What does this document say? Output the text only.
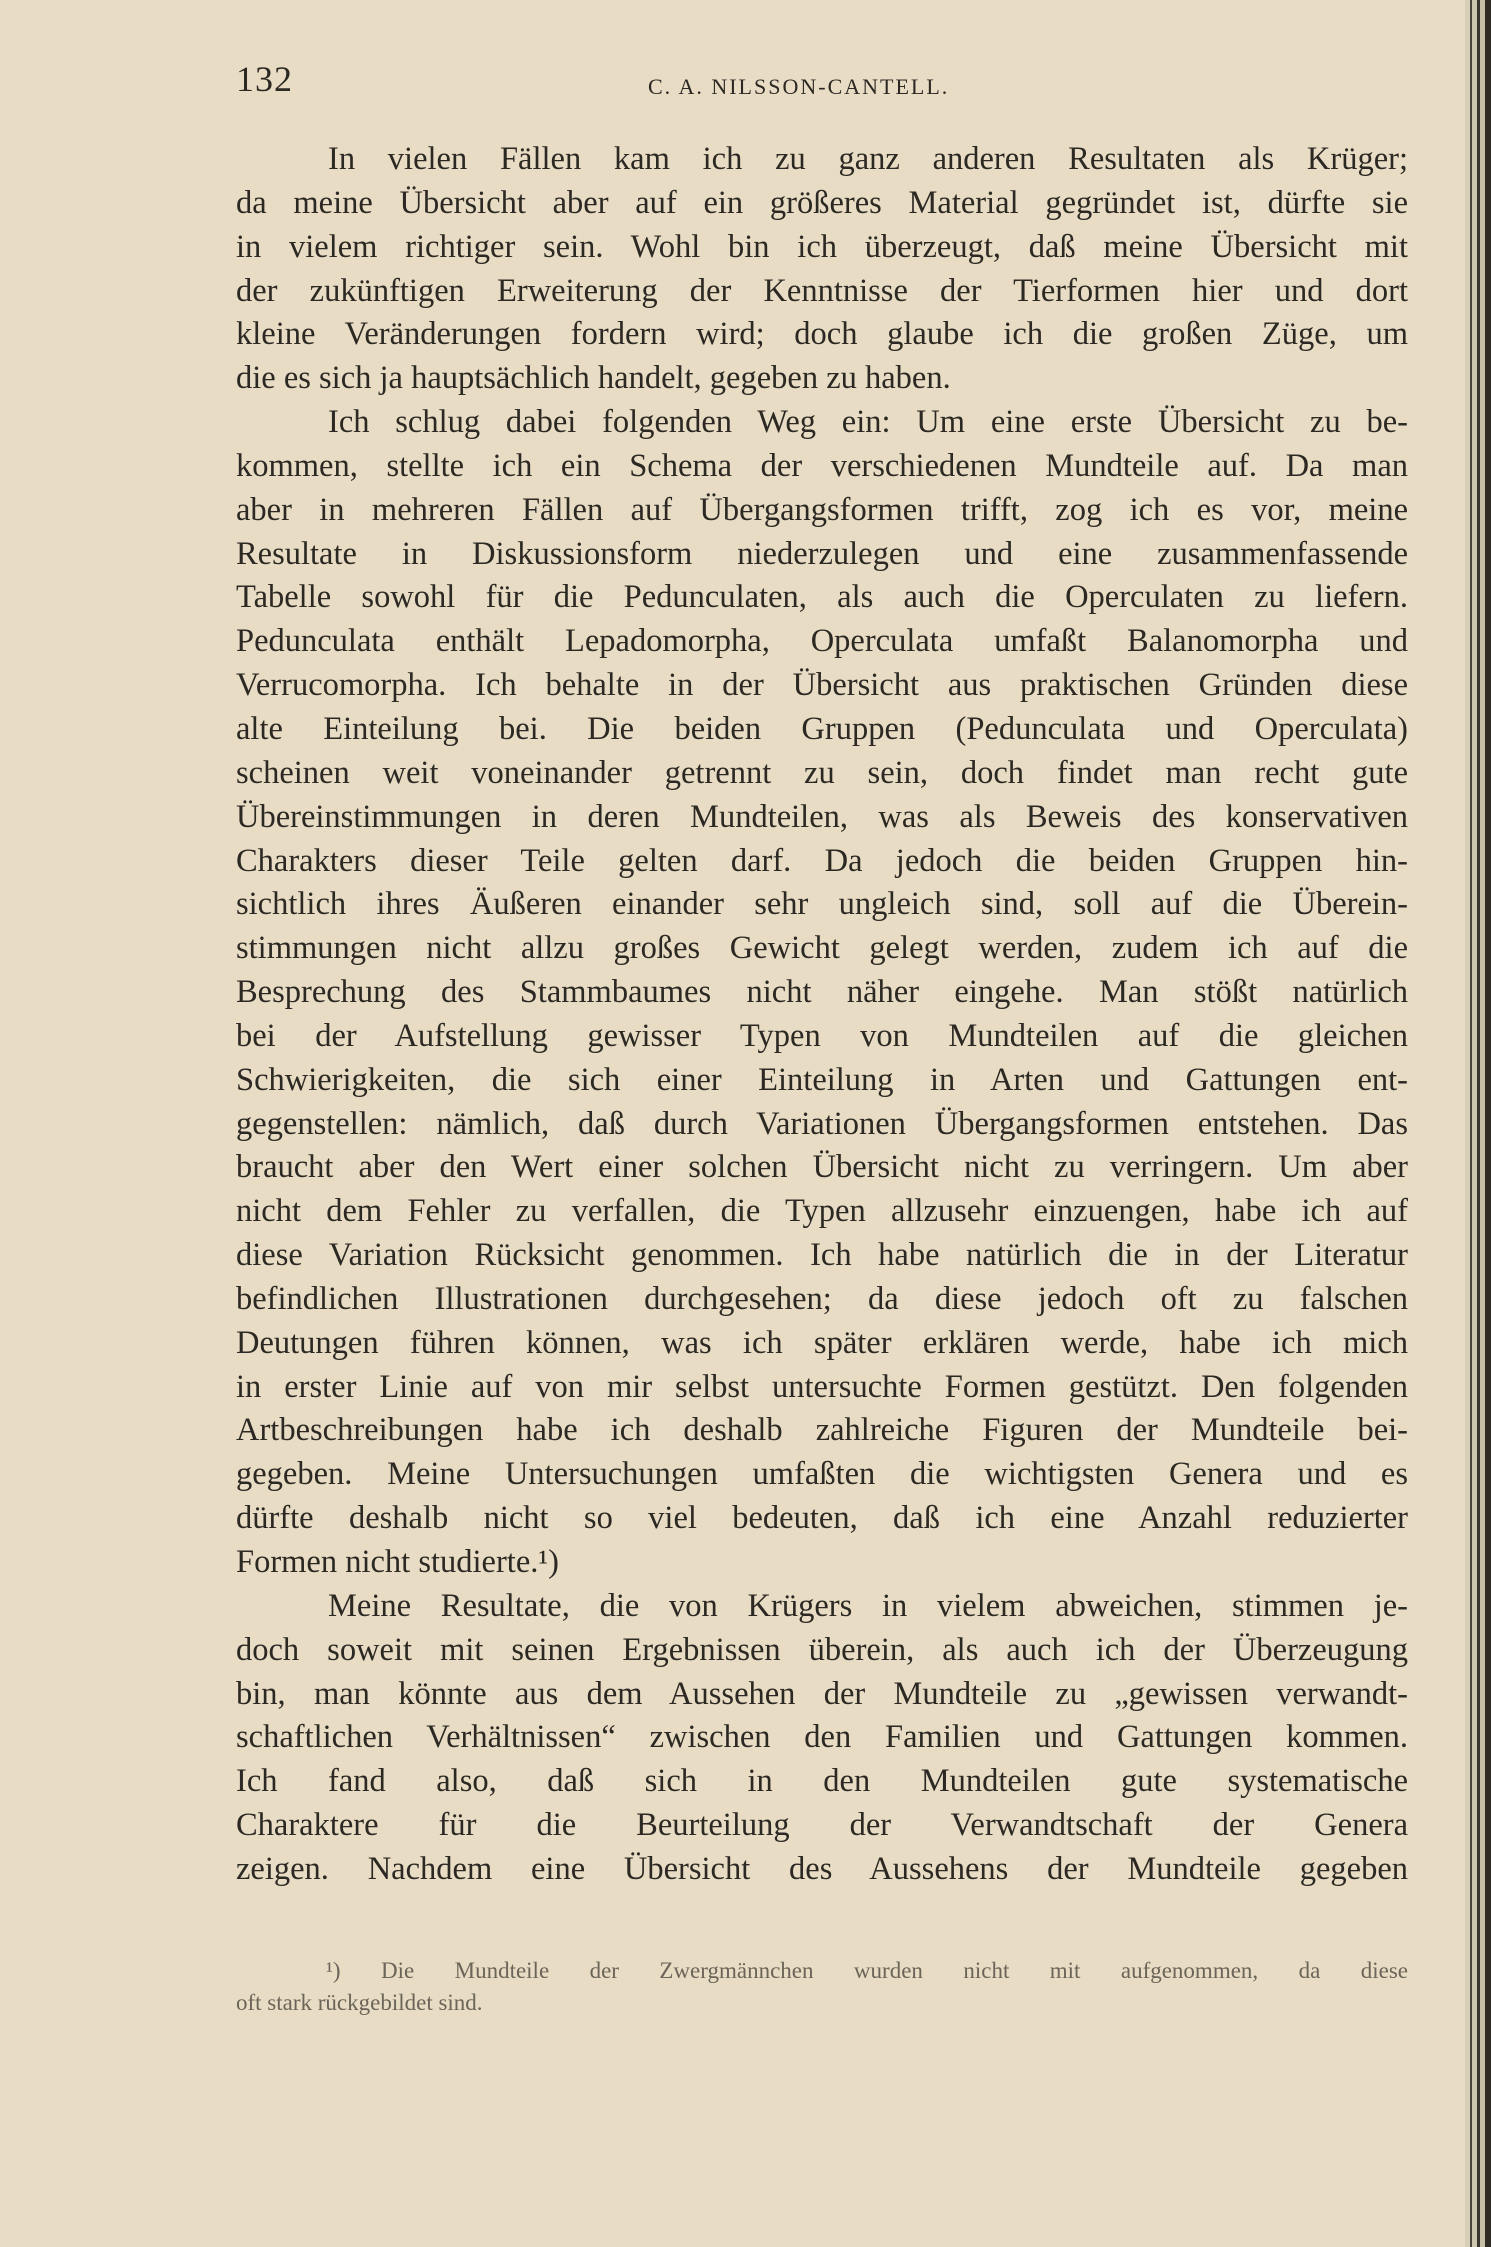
132	C. A. NILSSON-CANTELL.
In vielen Fällen kam ich zu ganz anderen Resultaten als Krüger;
da meine Übersicht aber auf ein größeres Material gegründet ist, dürfte sie
in vielem richtiger sein. Wohl bin ich überzeugt, daß meine Übersicht mit
der zukünftigen Erweiterung der Kenntnisse der Tierformen hier und dort
kleine Veränderungen fordern wird; doch glaube ich die großen Züge, um
die es sich ja hauptsächlich handelt, gegeben zu haben.
Ich schlug dabei folgenden Weg ein: Um eine erste Übersicht zu be-
kommen, stellte ich ein Schema der verschiedenen Mundteile auf. Da man
aber in mehreren Fällen auf Übergangsformen trifft, zog ich es vor, meine
Resultate in Diskussionsform niederzulegen und eine zusammenfassende
Tabelle sowohl für die Pedunculaten, als auch die Operculaten zu liefern.
Pedunculata enthält Lepadomorpha, Operculata umfaßt Balanomorpha und
Verrucomorpha. Ich behalte in der Übersicht aus praktischen Gründen diese
alte Einteilung bei. Die beiden Gruppen (Pedunculata und Operculata)
scheinen weit voneinander getrennt zu sein, doch findet man recht gute
Übereinstimmungen in deren Mundteilen, was als Beweis des konservativen
Charakters dieser Teile gelten darf. Da jedoch die beiden Gruppen hin-
sichtlich ihres Äußeren einander sehr ungleich sind, soll auf die Überein-
stimmungen nicht allzu großes Gewicht gelegt werden, zudem ich auf die
Besprechung des Stammbaumes nicht näher eingehe. Man stößt natürlich
bei der Aufstellung gewisser Typen von Mundteilen auf die gleichen
Schwierigkeiten, die sich einer Einteilung in Arten und Gattungen ent-
gegenstellen: nämlich, daß durch Variationen Übergangsformen entstehen. Das
braucht aber den Wert einer solchen Übersicht nicht zu verringern. Um aber
nicht dem Fehler zu verfallen, die Typen allzusehr einzuengen, habe ich auf
diese Variation Rücksicht genommen. Ich habe natürlich die in der Literatur
befindlichen Illustrationen durchgesehen; da diese jedoch oft zu falschen
Deutungen führen können, was ich später erklären werde, habe ich mich
in erster Linie auf von mir selbst untersuchte Formen gestützt. Den folgenden
Artbeschreibungen habe ich deshalb zahlreiche Figuren der Mundteile bei-
gegeben. Meine Untersuchungen umfaßten die wichtigsten Genera und es
dürfte deshalb nicht so viel bedeuten, daß ich eine Anzahl reduzierter
Formen nicht studierte.¹)
Meine Resultate, die von Krügers in vielem abweichen, stimmen je-
doch soweit mit seinen Ergebnissen überein, als auch ich der Überzeugung
bin, man könnte aus dem Aussehen der Mundteile zu „gewissen verwandt-
schaftlichen Verhältnissen“ zwischen den Familien und Gattungen kommen.
Ich fand also, daß sich in den Mundteilen gute systematische
Charaktere für die Beurteilung der Verwandtschaft der Genera
zeigen. Nachdem eine Übersicht des Aussehens der Mundteile gegeben
¹) Die Mundteile der Zwergmännchen wurden nicht mit aufgenommen, da diese
oft stark rückgebildet sind.
